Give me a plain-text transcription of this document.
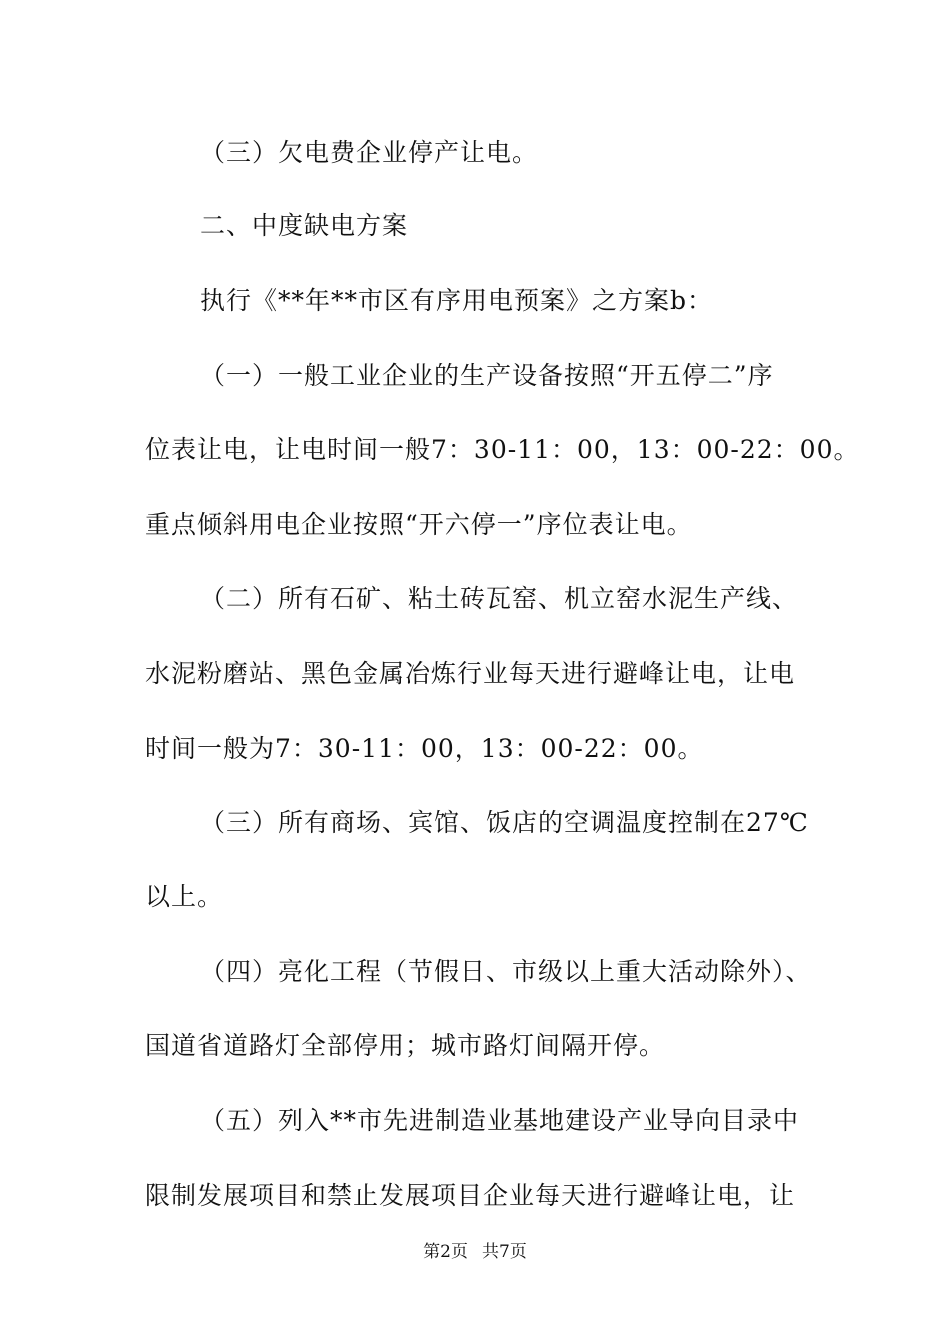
（三）欠电费企业停产让电。
二、中度缺电方案
执行《**年**市区有序用电预案》之方案b：
（一）一般工业企业的生产设备按照“开五停二”序
位表让电，让电时间一般7：30-11：00，13：00-22：00。
重点倾斜用电企业按照“开六停一”序位表让电。
（二）所有石矿、粘土砖瓦窑、机立窑水泥生产线、
水泥粉磨站、黑色金属冶炼行业每天进行避峰让电，让电
时间一般为7：30-11：00，13：00-22：00。
（三）所有商场、宾馆、饭店的空调温度控制在27℃
以上。
（四）亮化工程（节假日、市级以上重大活动除外）、
国道省道路灯全部停用；城市路灯间隔开停。
（五）列入**市先进制造业基地建设产业导向目录中
限制发展项目和禁止发展项目企业每天进行避峰让电，让
第2页 共7页
